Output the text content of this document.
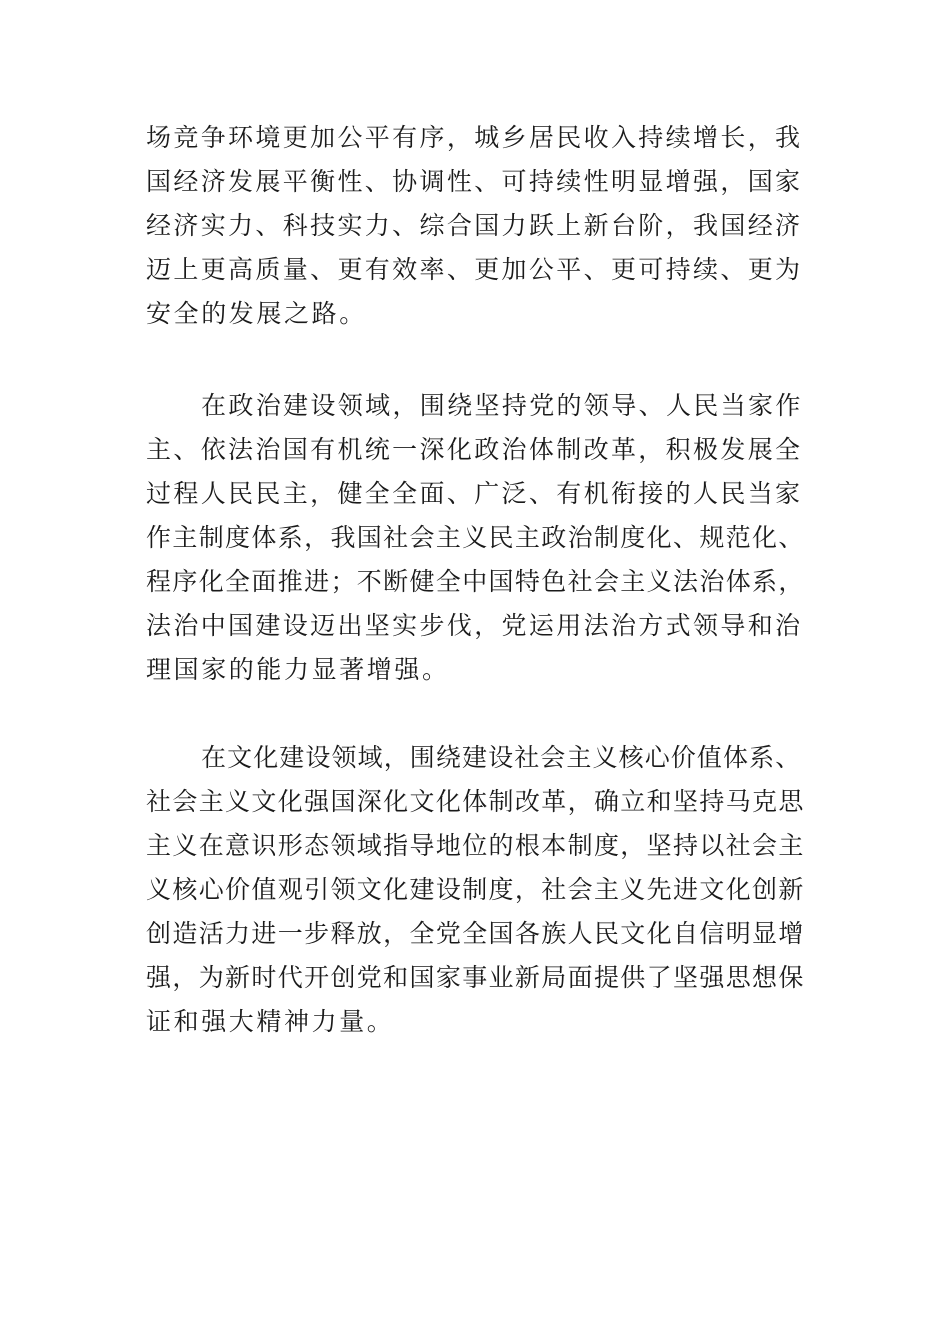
场竞争环境更加公平有序，城乡居民收入持续增长，我
国经济发展平衡性、协调性、可持续性明显增强，国家
经济实力、科技实力、综合国力跃上新台阶，我国经济
迈上更高质量、更有效率、更加公平、更可持续、更为
安全的发展之路。
在政治建设领域，围绕坚持党的领导、人民当家作
主、依法治国有机统一深化政治体制改革，积极发展全
过程人民民主，健全全面、广泛、有机衔接的人民当家
作主制度体系，我国社会主义民主政治制度化、规范化、
程序化全面推进；不断健全中国特色社会主义法治体系，
法治中国建设迈出坚实步伐，党运用法治方式领导和治
理国家的能力显著增强。
在文化建设领域，围绕建设社会主义核心价值体系、
社会主义文化强国深化文化体制改革，确立和坚持马克思
主义在意识形态领域指导地位的根本制度，坚持以社会主
义核心价值观引领文化建设制度，社会主义先进文化创新
创造活力进一步释放，全党全国各族人民文化自信明显增
强，为新时代开创党和国家事业新局面提供了坚强思想保
证和强大精神力量。
